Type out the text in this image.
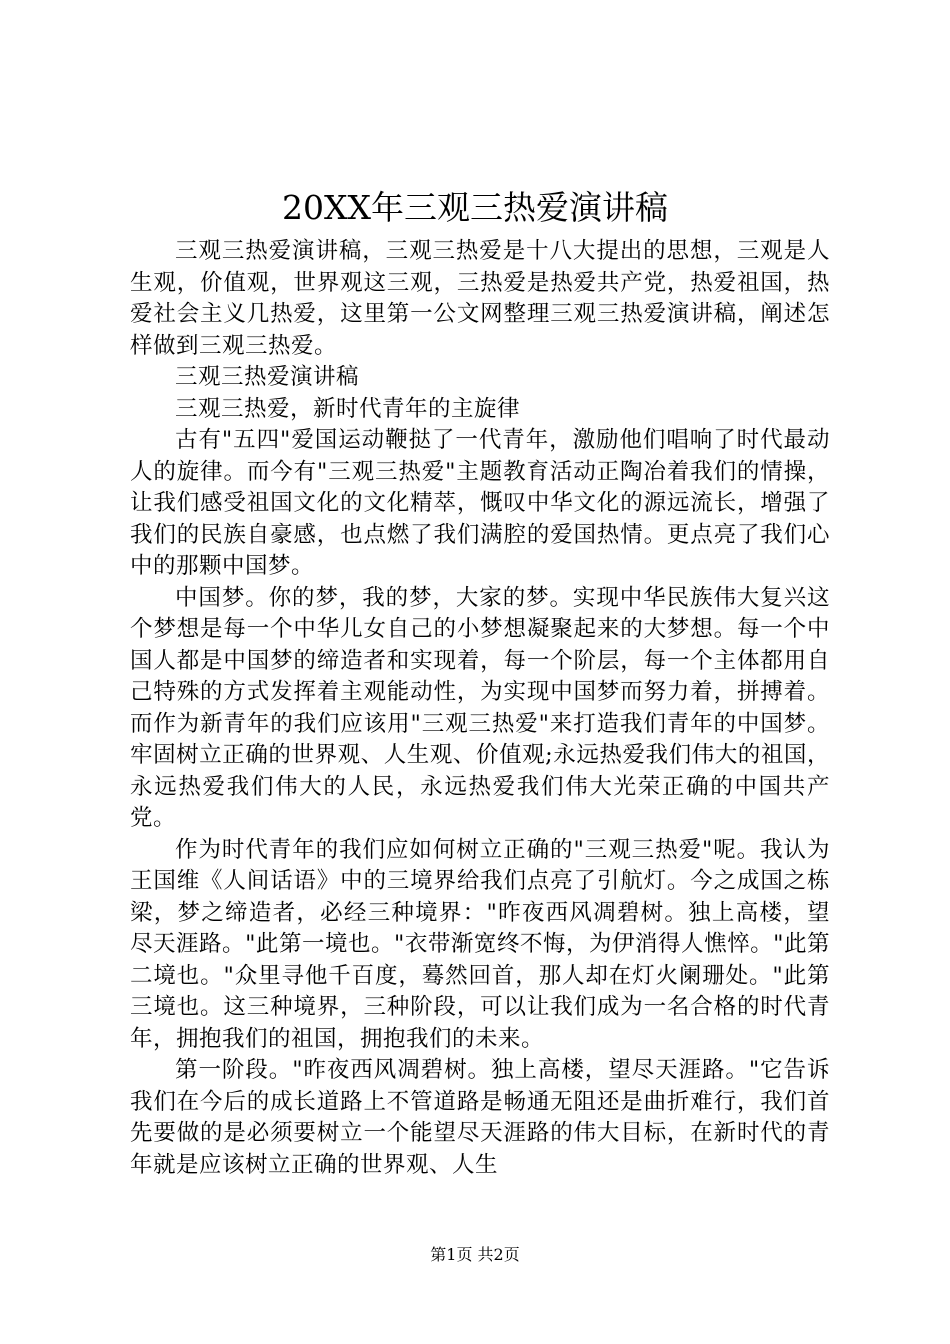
20XX年三观三热爱演讲稿

三观三热爱演讲稿，三观三热爱是十八大提出的思想，三观是人生观，价值观，世界观这三观，三热爱是热爱共产党，热爱祖国，热爱社会主义几热爱，这里第一公文网整理三观三热爱演讲稿，阐述怎样做到三观三热爱。

三观三热爱演讲稿

三观三热爱，新时代青年的主旋律

古有"五四"爱国运动鞭挞了一代青年，激励他们唱响了时代最动人的旋律。而今有"三观三热爱"主题教育活动正陶冶着我们的情操，让我们感受祖国文化的文化精萃，慨叹中华文化的源远流长，增强了我们的民族自豪感，也点燃了我们满腔的爱国热情。更点亮了我们心中的那颗中国梦。

中国梦。你的梦，我的梦，大家的梦。实现中华民族伟大复兴这个梦想是每一个中华儿女自己的小梦想凝聚起来的大梦想。每一个中国人都是中国梦的缔造者和实现着，每一个阶层，每一个主体都用自己特殊的方式发挥着主观能动性，为实现中国梦而努力着，拼搏着。而作为新青年的我们应该用"三观三热爱"来打造我们青年的中国梦。牢固树立正确的世界观、人生观、价值观;永远热爱我们伟大的祖国，永远热爱我们伟大的人民，永远热爱我们伟大光荣正确的中国共产党。

作为时代青年的我们应如何树立正确的"三观三热爱"呢。我认为王国维《人间话语》中的三境界给我们点亮了引航灯。今之成国之栋梁，梦之缔造者，必经三种境界："昨夜西风凋碧树。独上高楼，望尽天涯路。"此第一境也。"衣带渐宽终不悔，为伊消得人憔悴。"此第二境也。"众里寻他千百度，蓦然回首，那人却在灯火阑珊处。"此第三境也。这三种境界，三种阶段，可以让我们成为一名合格的时代青年，拥抱我们的祖国，拥抱我们的未来。

第一阶段。"昨夜西风凋碧树。独上高楼，望尽天涯路。"它告诉我们在今后的成长道路上不管道路是畅通无阻还是曲折难行，我们首先要做的是必须要树立一个能望尽天涯路的伟大目标，在新时代的青年就是应该树立正确的世界观、人生

第1页 共2页
